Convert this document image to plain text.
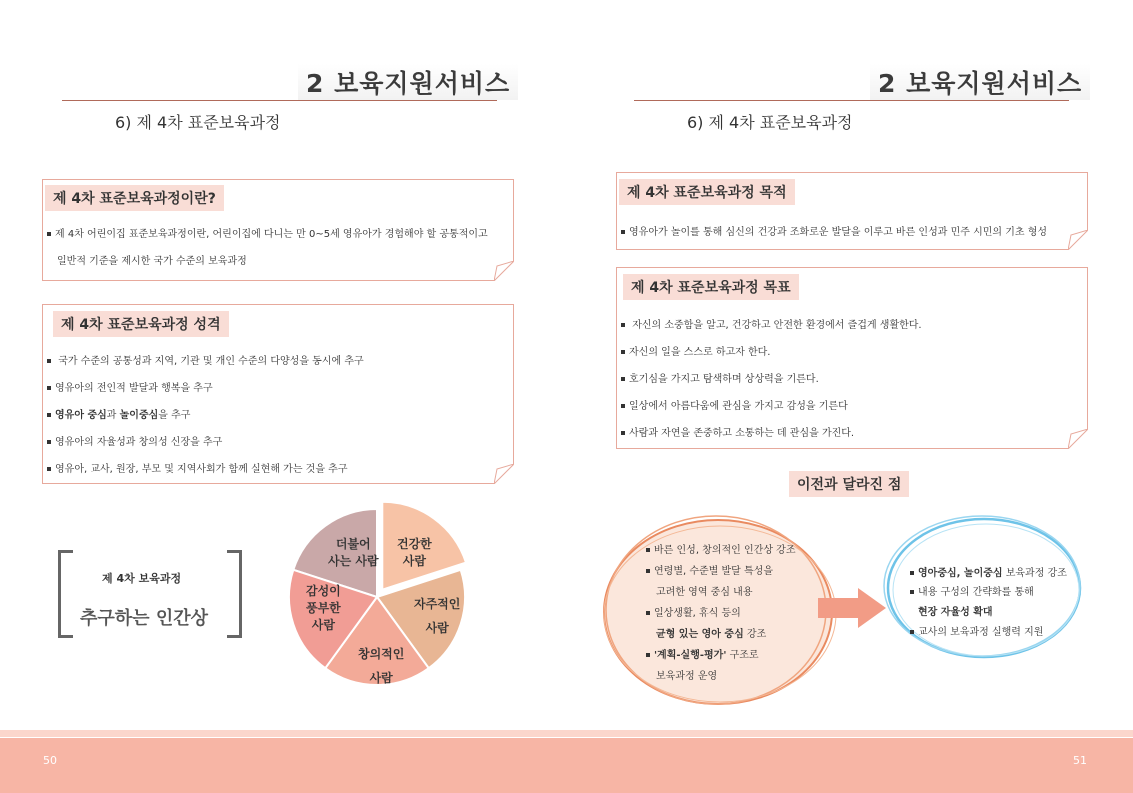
2 보육지원서비스
6) 제 4차 표준보육과정
제 4차 표준보육과정이란?
제 4차 어린이집 표준보육과정이란, 어린이집에 다니는 만 0~5세 영유아가 경험해야 할 공통적이고
일반적 기준을 제시한 국가 수준의 보육과정
제 4차 표준보육과정 성격
국가 수준의 공통성과 지역, 기관 및 개인 수준의 다양성을 동시에 추구
영유아의 전인적 발달과 행복을 추구
영유아 중심과 놀이중심을 추구
영유아의 자율성과 창의성 신장을 추구
영유아, 교사, 원장, 부모 및 지역사회가 함께 실현해 가는 것을 추구
제 4차 보육과정
추구하는 인간상
더불어
사는 사람
건강한
사람
자주적인
사람
창의적인
사람
감성이
풍부한
사람
2 보육지원서비스
6) 제 4차 표준보육과정
제 4차 표준보육과정 목적
영유아가 놀이를 통해 심신의 건강과 조화로운 발달을 이루고 바른 인성과 민주 시민의 기초 형성
제 4차 표준보육과정 목표
자신의 소중함을 알고, 건강하고 안전한 환경에서 즐겁게 생활한다.
자신의 일을 스스로 하고자 한다.
호기심을 가지고 탐색하며 상상력을 기른다.
일상에서 아름다움에 관심을 가지고 감성을 기른다
사람과 자연을 존중하고 소통하는 데 관심을 가진다.
이전과 달라진 점
바른 인성, 창의적인 인간상 강조
연령별, 수준별 발달 특성을
고려한 영역 중심 내용
일상생활, 휴식 등의
균형 있는 영아 중심 강조
'계획-실행-평가' 구조로
보육과정 운영
영아중심, 놀이중심 보육과정 강조
내용 구성의 간략화를 통해
현장 자율성 확대
교사의 보육과정 실행력 지원
50	51
